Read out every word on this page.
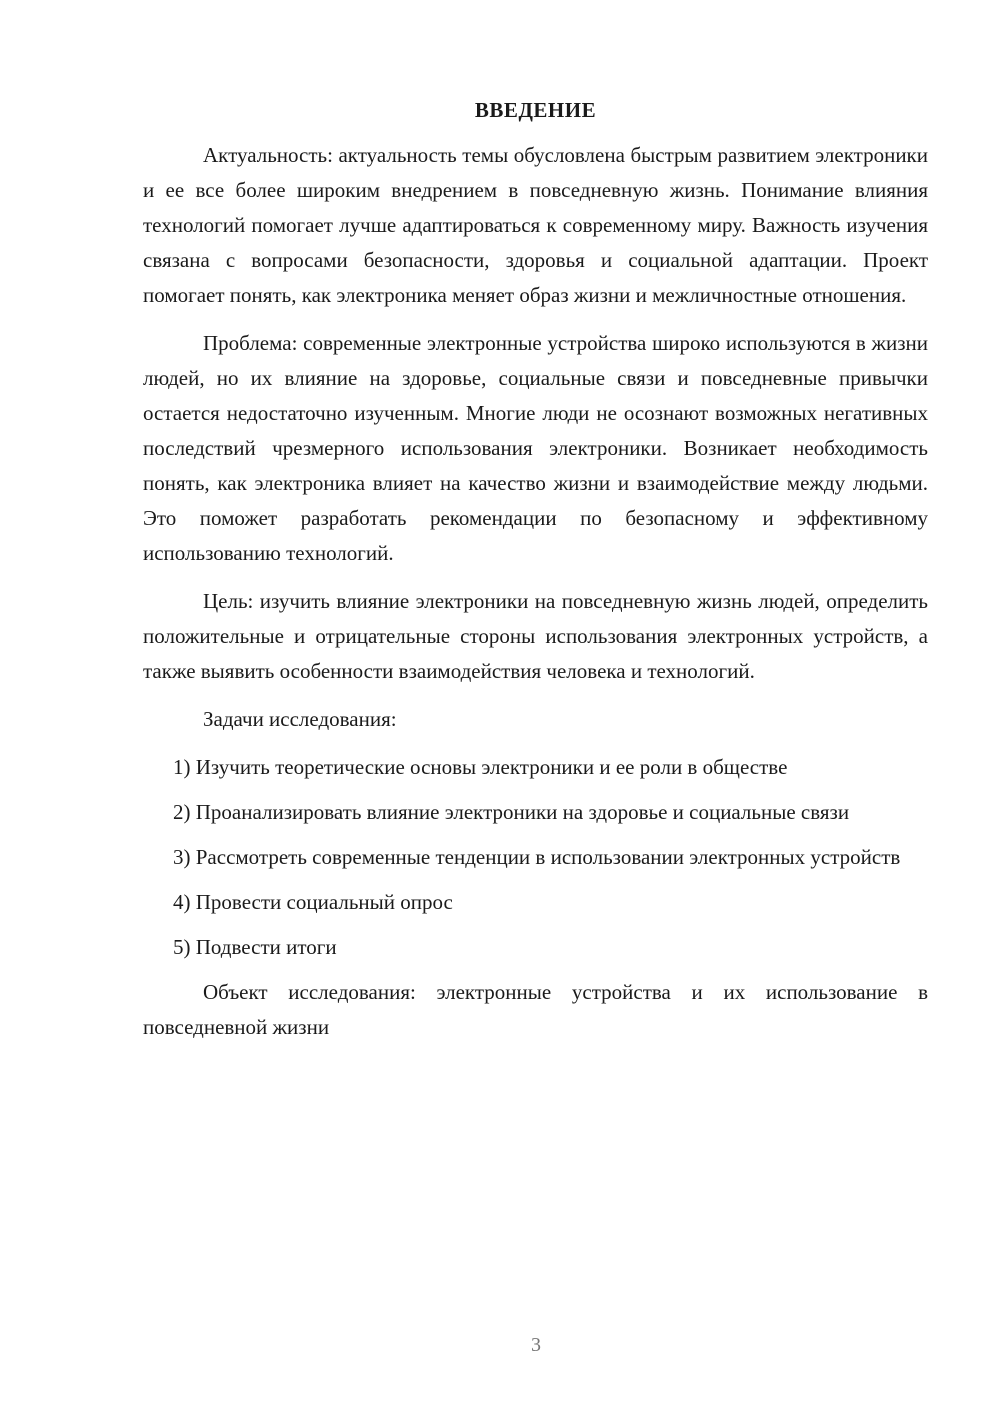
ВВЕДЕНИЕ

Актуальность: актуальность темы обусловлена быстрым развитием электроники и ее все более широким внедрением в повседневную жизнь. Понимание влияния технологий помогает лучше адаптироваться к современному миру. Важность изучения связана с вопросами безопасности, здоровья и социальной адаптации. Проект помогает понять, как электроника меняет образ жизни и межличностные отношения.

Проблема: современные электронные устройства широко используются в жизни людей, но их влияние на здоровье, социальные связи и повседневные привычки остается недостаточно изученным. Многие люди не осознают возможных негативных последствий чрезмерного использования электроники. Возникает необходимость понять, как электроника влияет на качество жизни и взаимодействие между людьми. Это поможет разработать рекомендации по безопасному и эффективному использованию технологий.

Цель: изучить влияние электроники на повседневную жизнь людей, определить положительные и отрицательные стороны использования электронных устройств, а также выявить особенности взаимодействия человека и технологий.

Задачи исследования:

1) Изучить теоретические основы электроники и ее роли в обществе

2) Проанализировать влияние электроники на здоровье и социальные связи

3) Рассмотреть современные тенденции в использовании электронных устройств

4) Провести социальный опрос

5) Подвести итоги

Объект исследования: электронные устройства и их использование в повседневной жизни

3
